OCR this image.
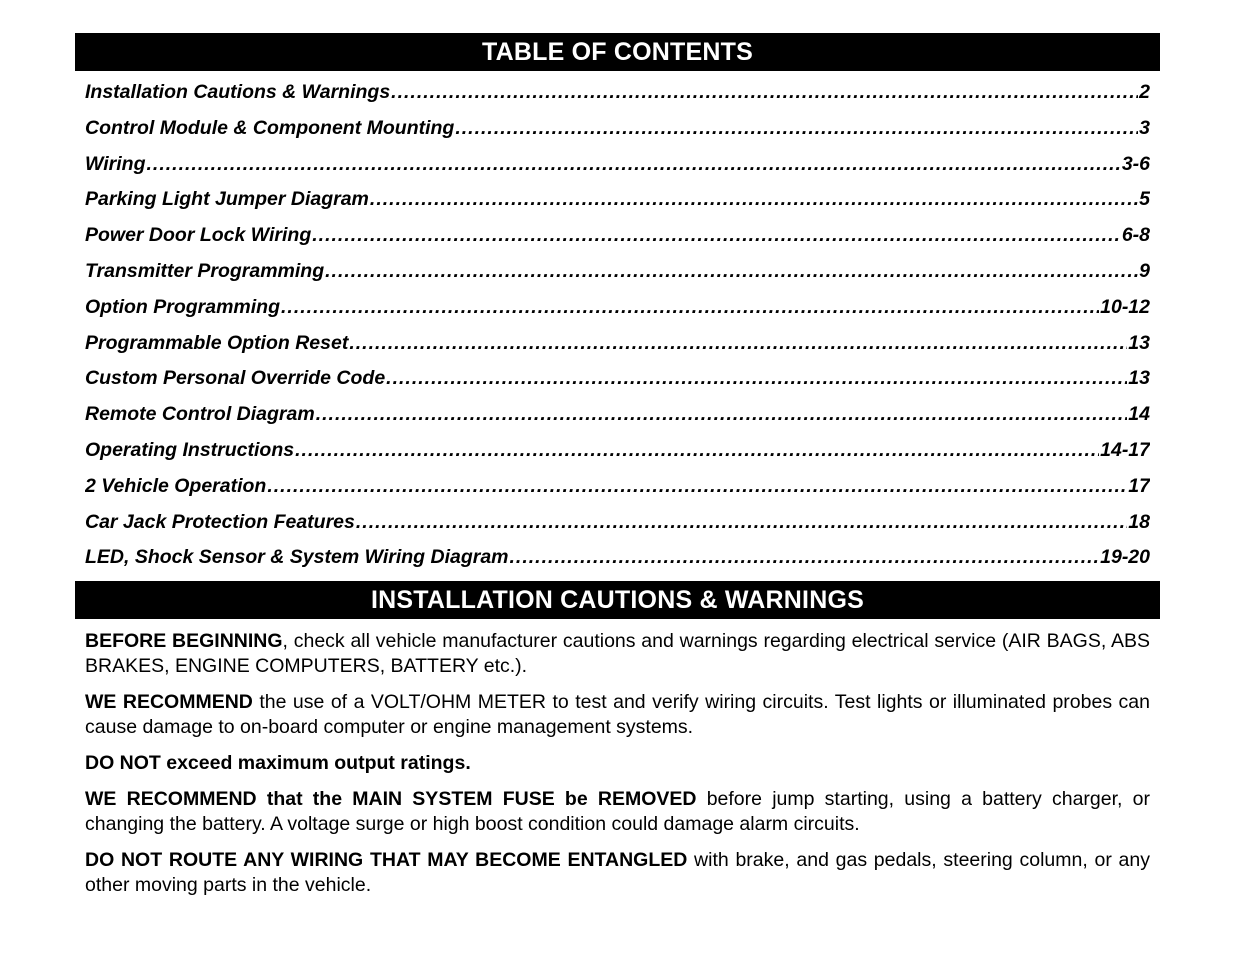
TABLE OF CONTENTS
Installation Cautions & Warnings .....	2
Control Module & Component Mounting .....	3
Wiring .....	3-6
Parking Light Jumper Diagram .....	5
Power Door Lock Wiring .....	6-8
Transmitter Programming .....	9
Option Programming .....	10-12
Programmable Option Reset .....	13
Custom Personal Override Code .....	13
Remote Control Diagram .....	14
Operating Instructions .....	14-17
2 Vehicle Operation .....	17
Car Jack Protection Features .....	18
LED, Shock Sensor & System Wiring Diagram .....	19-20
INSTALLATION CAUTIONS & WARNINGS

BEFORE BEGINNING, check all vehicle manufacturer cautions and warnings regarding electrical service (AIR BAGS, ABS BRAKES, ENGINE COMPUTERS, BATTERY etc.).

WE RECOMMEND the use of a VOLT/OHM METER to test and verify wiring circuits. Test lights or illuminated probes can cause damage to on-board computer or engine management systems.

DO NOT exceed maximum output ratings.

WE RECOMMEND that the MAIN SYSTEM FUSE be REMOVED before jump starting, using a battery charger, or changing the battery. A voltage surge or high boost condition could damage alarm circuits.

DO NOT ROUTE ANY WIRING THAT MAY BECOME ENTANGLED with brake, and gas pedals, steering column, or any other moving parts in the vehicle.
